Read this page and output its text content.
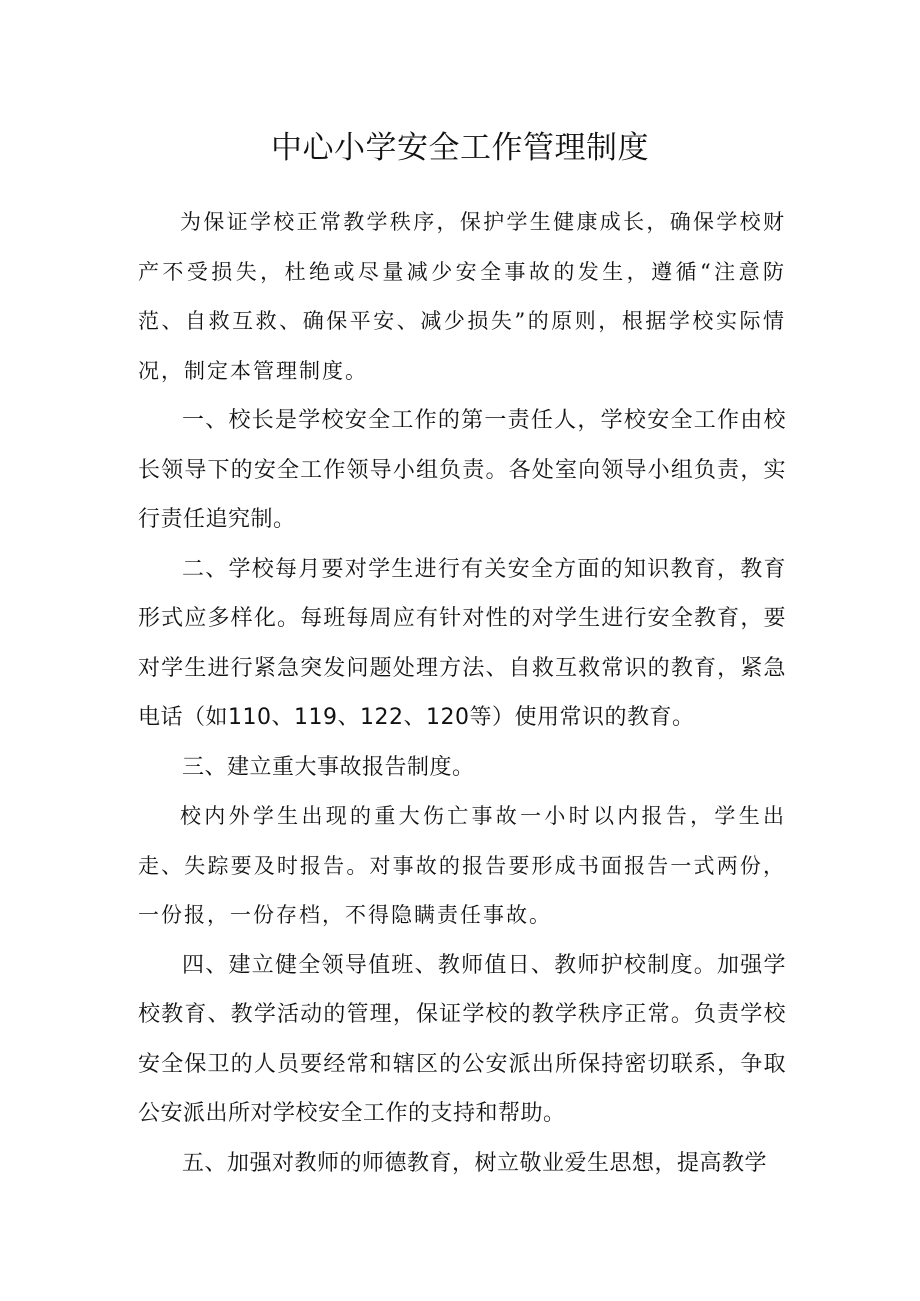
中心小学安全工作管理制度

为保证学校正常教学秩序，保护学生健康成长，确保学校财产不受损失，杜绝或尽量减少安全事故的发生，遵循“注意防范、自救互救、确保平安、减少损失”的原则，根据学校实际情况，制定本管理制度。

一、校长是学校安全工作的第一责任人，学校安全工作由校长领导下的安全工作领导小组负责。各处室向领导小组负责，实行责任追究制。

二、学校每月要对学生进行有关安全方面的知识教育，教育形式应多样化。每班每周应有针对性的对学生进行安全教育，要对学生进行紧急突发问题处理方法、自救互救常识的教育，紧急电话（如110、119、122、120等）使用常识的教育。

三、建立重大事故报告制度。

校内外学生出现的重大伤亡事故一小时以内报告，学生出走、失踪要及时报告。对事故的报告要形成书面报告一式两份，一份报，一份存档，不得隐瞒责任事故。

四、建立健全领导值班、教师值日、教师护校制度。加强学校教育、教学活动的管理，保证学校的教学秩序正常。负责学校安全保卫的人员要经常和辖区的公安派出所保持密切联系，争取公安派出所对学校安全工作的支持和帮助。

五、加强对教师的师德教育，树立敬业爱生思想，提高教学
